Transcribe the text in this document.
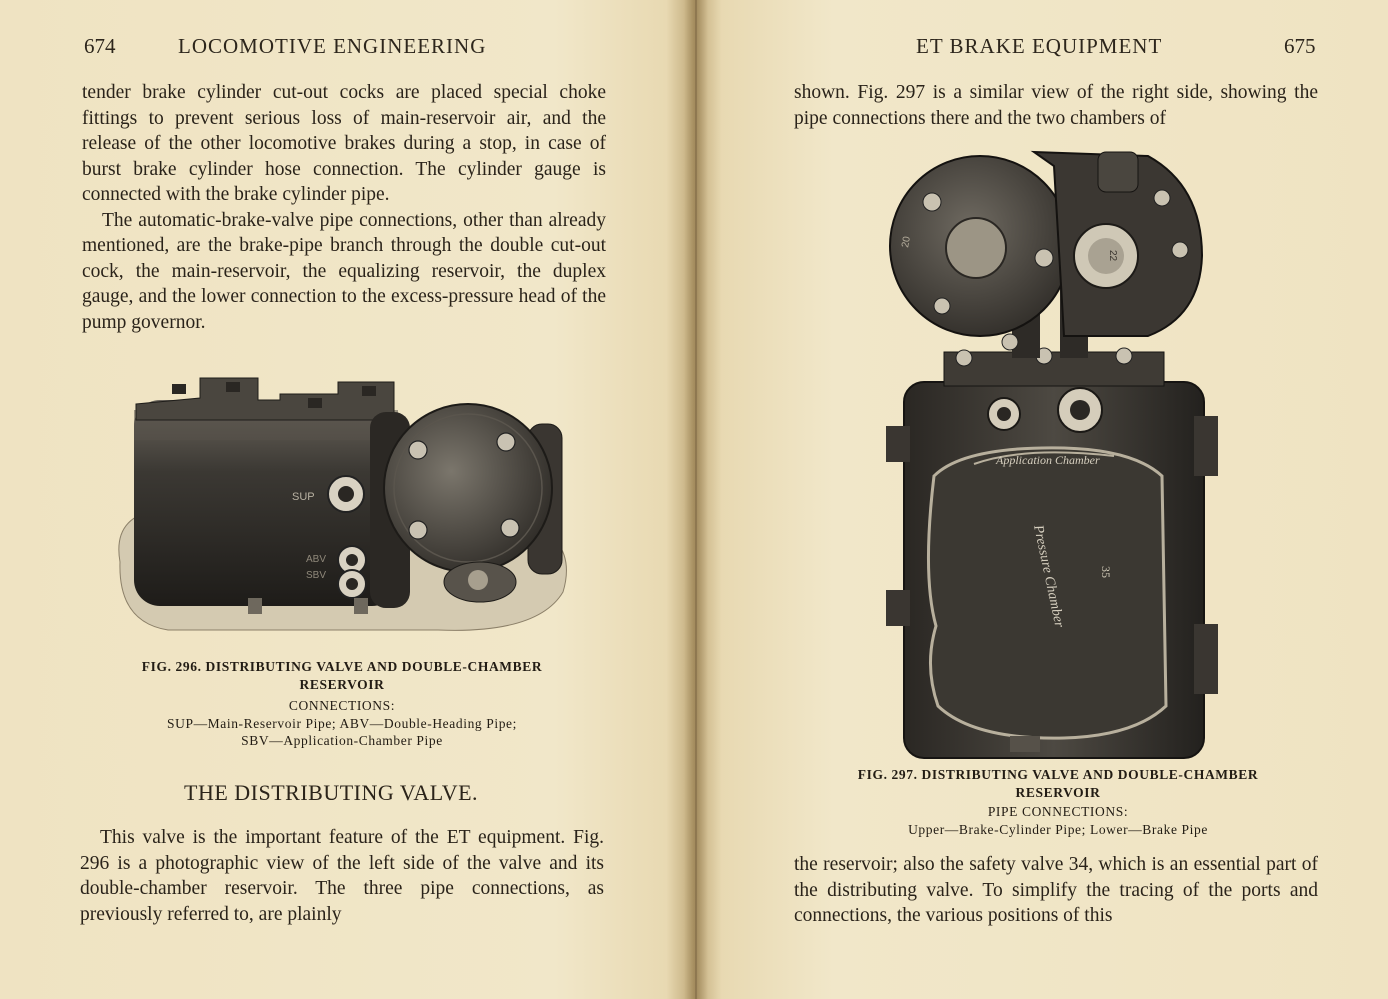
674	LOCOMOTIVE ENGINEERING

tender brake cylinder cut-out cocks are placed special choke fittings to prevent serious loss of main-reservoir air, and the release of the other locomotive brakes during a stop, in case of burst brake cylinder hose connection. The cylinder gauge is connected with the brake cylinder pipe.

The automatic-brake-valve pipe connections, other than already mentioned, are the brake-pipe branch through the double cut-out cock, the main-reservoir, the equalizing reservoir, the duplex gauge, and the lower connection to the excess-pressure head of the pump governor.

SUP
ABV
SBV
FIG. 296. DISTRIBUTING VALVE AND DOUBLE-CHAMBER
RESERVOIR
CONNECTIONS:
SUP—Main-Reservoir Pipe; ABV—Double-Heading Pipe;
SBV—Application-Chamber Pipe
THE DISTRIBUTING VALVE.

This valve is the important feature of the ET equipment. Fig. 296 is a photographic view of the left side of the valve and its double-chamber reservoir. The three pipe connections, as previously referred to, are plainly

ET BRAKE EQUIPMENT	675

shown. Fig. 297 is a similar view of the right side, showing the pipe connections there and the two chambers of

Application Chamber
Pressure Chamber	35
20
22
FIG. 297. DISTRIBUTING VALVE AND DOUBLE-CHAMBER
RESERVOIR
PIPE CONNECTIONS:
Upper—Brake-Cylinder Pipe; Lower—Brake Pipe

the reservoir; also the safety valve 34, which is an essential part of the distributing valve. To simplify the tracing of the ports and connections, the various positions of this
